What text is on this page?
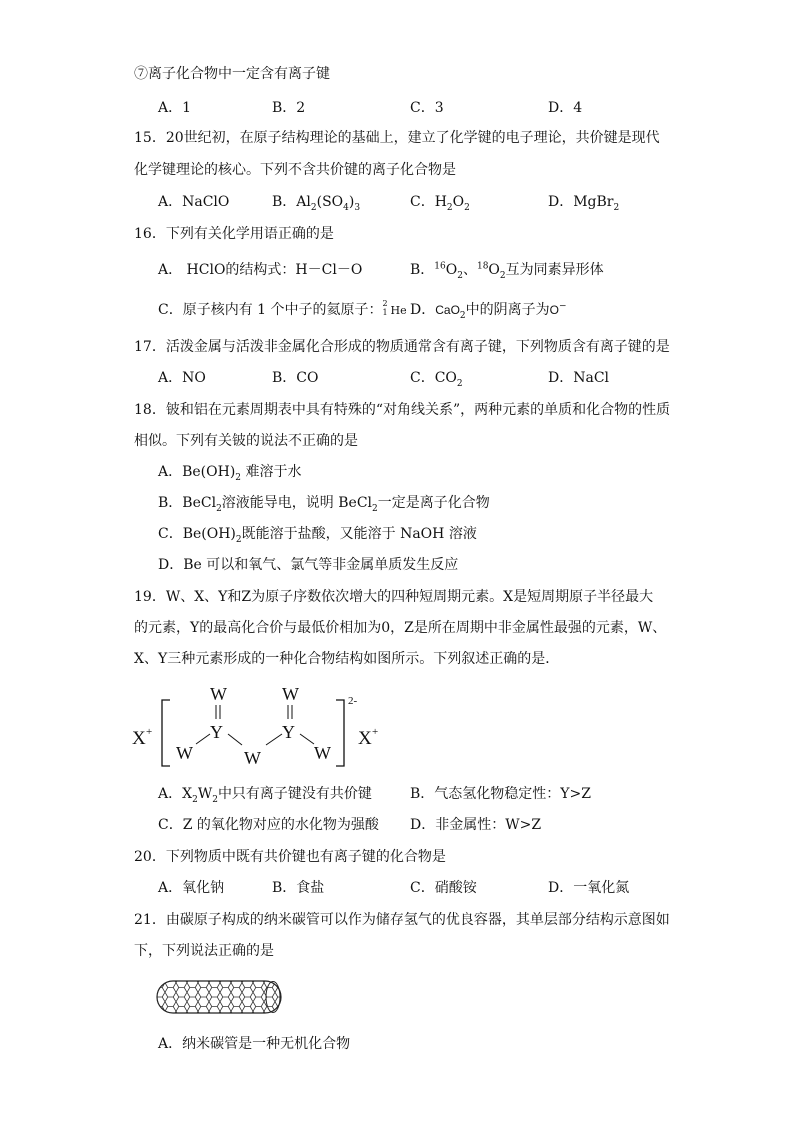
⑦离子化合物中一定含有离子键
A．1	B．2	C．3	D．4
15．20世纪初，在原子结构理论的基础上，建立了化学键的电子理论，共价键是现代
化学键理论的核心。下列不含共价键的离子化合物是
A．NaClO	B．$Al_2(SO_4)_3$	C．$H_2O_2$	D．MgBr$_2$
16．下列有关化学用语正确的是
A． HClO的结构式：H－Cl－O	B．$^{16}O_2$、$^{18}O_2$互为同素异形体
C．原子核内有 1 个中子的氦原子： 2
1 He D．CaO$_2$中的阴离子为O−
17．活泼金属与活泼非金属化合形成的物质通常含有离子键，下列物质含有离子键的是
A．NO	B．CO	C．$CO_2$	D．NaCl
18．铍和铝在元素周期表中具有特殊的“对角线关系”，两种元素的单质和化合物的性质
相似。下列有关铍的说法不正确的是
A．$Be(OH)_2$ 难溶于水
B．BeCl$_2$溶液能导电，说明 BeCl$_2$一定是离子化合物
C．$Be(OH)_2$既能溶于盐酸，又能溶于 NaOH 溶液
D．Be 可以和氧气、氯气等非金属单质发生反应
19．W、X、Y和Z为原子序数依次增大的四种短周期元素。X是短周期原子半径最大
的元素，Y的最高化合价与最低价相加为0，Z是所在周期中非金属性最强的元素，W、
X、Y三种元素形成的一种化合物结构如图所示。下列叙述正确的是．
X +
W	W
Y	Y
W	W	W
2-
X +
A．$X_2W_2$中只有离子键没有共价键	B．气态氢化物稳定性：Y>Z
C．Z 的氧化物对应的水化物为强酸 D．非金属性：W>Z
20．下列物质中既有共价键也有离子键的化合物是
A．氧化钠	B．食盐	C．硝酸铵	D．一氧化氮
21．由碳原子构成的纳米碳管可以作为储存氢气的优良容器，其单层部分结构示意图如
下，下列说法正确的是
A．纳米碳管是一种无机化合物
